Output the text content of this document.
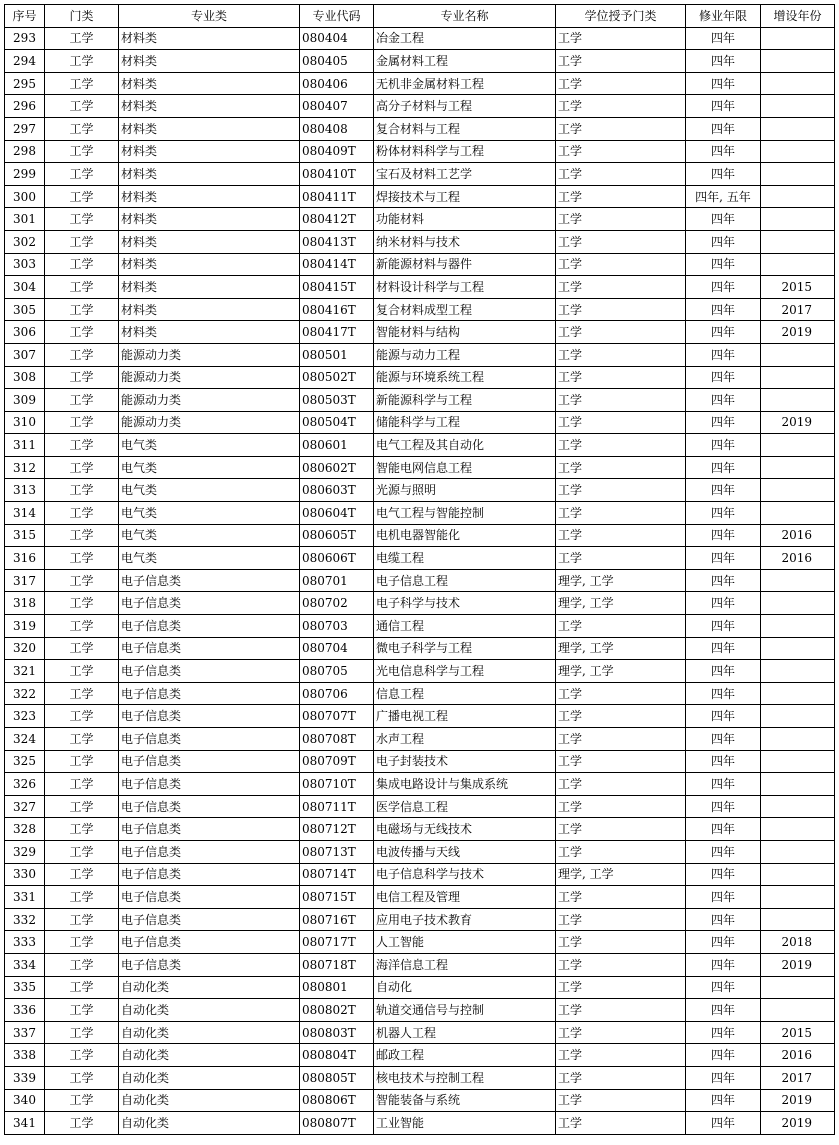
序号	门类	专业类	专业代码	专业名称	学位授予门类	修业年限	增设年份
293	工学	材料类	080404	冶金工程	工学	四年	
294	工学	材料类	080405	金属材料工程	工学	四年	
295	工学	材料类	080406	无机非金属材料工程	工学	四年	
296	工学	材料类	080407	高分子材料与工程	工学	四年	
297	工学	材料类	080408	复合材料与工程	工学	四年	
298	工学	材料类	080409T	粉体材料科学与工程	工学	四年	
299	工学	材料类	080410T	宝石及材料工艺学	工学	四年	
300	工学	材料类	080411T	焊接技术与工程	工学	四年, 五年	
301	工学	材料类	080412T	功能材料	工学	四年	
302	工学	材料类	080413T	纳米材料与技术	工学	四年	
303	工学	材料类	080414T	新能源材料与器件	工学	四年	
304	工学	材料类	080415T	材料设计科学与工程	工学	四年	2015
305	工学	材料类	080416T	复合材料成型工程	工学	四年	2017
306	工学	材料类	080417T	智能材料与结构	工学	四年	2019
307	工学	能源动力类	080501	能源与动力工程	工学	四年	
308	工学	能源动力类	080502T	能源与环境系统工程	工学	四年	
309	工学	能源动力类	080503T	新能源科学与工程	工学	四年	
310	工学	能源动力类	080504T	储能科学与工程	工学	四年	2019
311	工学	电气类	080601	电气工程及其自动化	工学	四年	
312	工学	电气类	080602T	智能电网信息工程	工学	四年	
313	工学	电气类	080603T	光源与照明	工学	四年	
314	工学	电气类	080604T	电气工程与智能控制	工学	四年	
315	工学	电气类	080605T	电机电器智能化	工学	四年	2016
316	工学	电气类	080606T	电缆工程	工学	四年	2016
317	工学	电子信息类	080701	电子信息工程	理学, 工学	四年	
318	工学	电子信息类	080702	电子科学与技术	理学, 工学	四年	
319	工学	电子信息类	080703	通信工程	工学	四年	
320	工学	电子信息类	080704	微电子科学与工程	理学, 工学	四年	
321	工学	电子信息类	080705	光电信息科学与工程	理学, 工学	四年	
322	工学	电子信息类	080706	信息工程	工学	四年	
323	工学	电子信息类	080707T	广播电视工程	工学	四年	
324	工学	电子信息类	080708T	水声工程	工学	四年	
325	工学	电子信息类	080709T	电子封装技术	工学	四年	
326	工学	电子信息类	080710T	集成电路设计与集成系统	工学	四年	
327	工学	电子信息类	080711T	医学信息工程	工学	四年	
328	工学	电子信息类	080712T	电磁场与无线技术	工学	四年	
329	工学	电子信息类	080713T	电波传播与天线	工学	四年	
330	工学	电子信息类	080714T	电子信息科学与技术	理学, 工学	四年	
331	工学	电子信息类	080715T	电信工程及管理	工学	四年	
332	工学	电子信息类	080716T	应用电子技术教育	工学	四年	
333	工学	电子信息类	080717T	人工智能	工学	四年	2018
334	工学	电子信息类	080718T	海洋信息工程	工学	四年	2019
335	工学	自动化类	080801	自动化	工学	四年	
336	工学	自动化类	080802T	轨道交通信号与控制	工学	四年	
337	工学	自动化类	080803T	机器人工程	工学	四年	2015
338	工学	自动化类	080804T	邮政工程	工学	四年	2016
339	工学	自动化类	080805T	核电技术与控制工程	工学	四年	2017
340	工学	自动化类	080806T	智能装备与系统	工学	四年	2019
341	工学	自动化类	080807T	工业智能	工学	四年	2019
